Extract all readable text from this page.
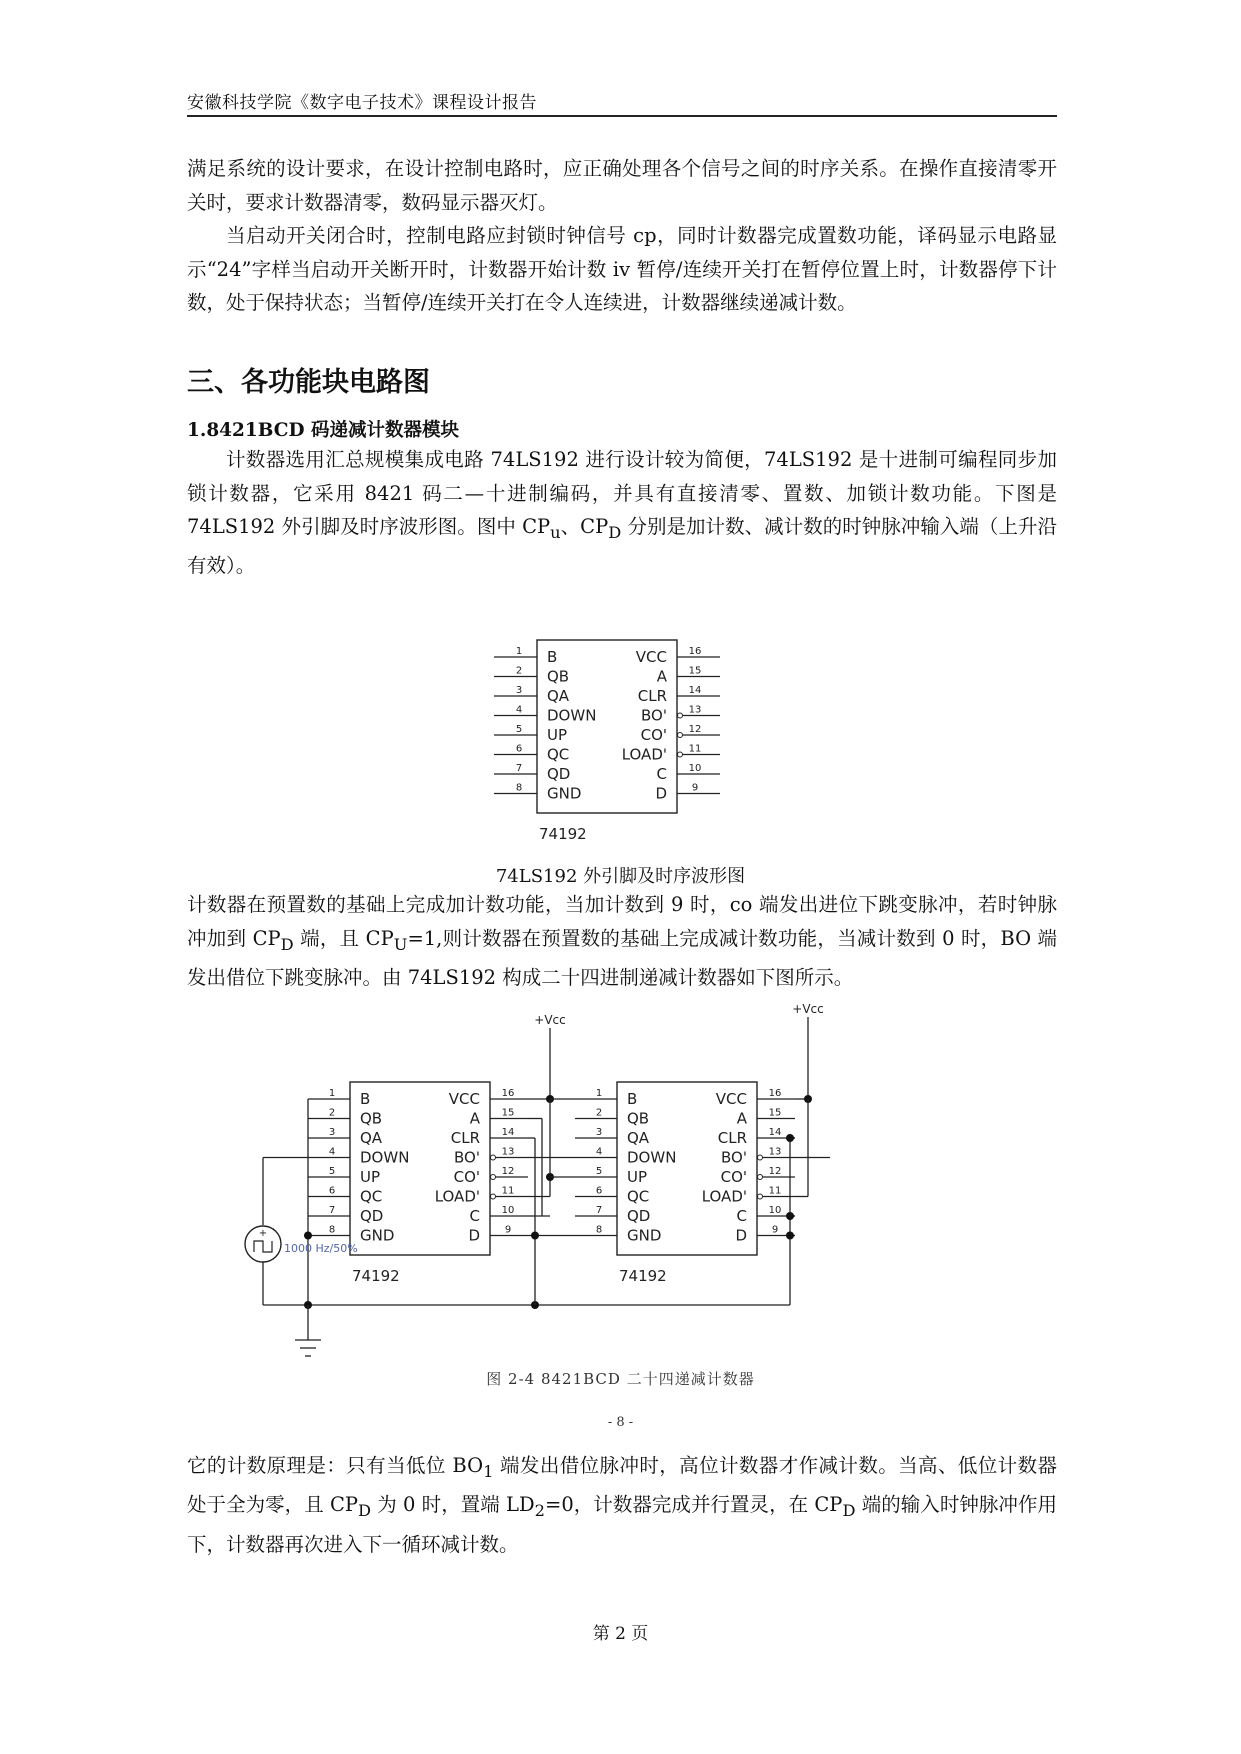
安徽科技学院《数字电子技术》课程设计报告

满足系统的设计要求，在设计控制电路时，应正确处理各个信号之间的时序关系。在操作直接清零开关时，要求计数器清零，数码显示器灭灯。

当启动开关闭合时，控制电路应封锁时钟信号 cp，同时计数器完成置数功能，译码显示电路显示“24”字样当启动开关断开时，计数器开始计数 iv 暂停/连续开关打在暂停位置上时，计数器停下计数，处于保持状态；当暂停/连续开关打在令人连续进，计数器继续递减计数。

三、各功能块电路图
1.8421BCD 码递减计数器模块

计数器选用汇总规模集成电路 74LS192 进行设计较为简便，74LS192 是十进制可编程同步加锁计数器，它采用 8421 码二—十进制编码，并具有直接清零、置数、加锁计数功能。下图是 74LS192 外引脚及时序波形图。图中 $CP_u$、$CP_D$ 分别是加计数、减计数的时钟脉冲输入端（上升沿有效）。

1 B
2 QB
3 QA
4 DOWN
5 UP
6 QC
7 QD
8 GND
16
VCC
15
A
14
CLR
13
BO'
12
CO'
11
LOAD'
10
C
9
D
74192
1 B
2 QB
3 QA
4 DOWN
5 UP
6 QC
7 QD
8 GND
16
VCC
15
A
14
CLR
13
BO'
12
CO'
11
LOAD'
10
C
9
D
74192
1 B
2 QB
3 QA
4 DOWN
5 UP
6 QC
7 QD
8 GND
16
VCC
15
A
14
CLR
13
BO'
12
CO'
11
LOAD'
10
C
9
D
74192
+Vcc
+Vcc
+
1000 Hz/50%
74LS192 外引脚及时序波形图

计数器在预置数的基础上完成加计数功能，当加计数到 9 时，co 端发出进位下跳变脉冲，若时钟脉冲加到 $CP_D$ 端，且 $CP_U=1$,则计数器在预置数的基础上完成减计数功能，当减计数到 0 时，BO 端发出借位下跳变脉冲。由 74LS192 构成二十四进制递减计数器如下图所示。

图 2-4 8421BCD 二十四递减计数器
- 8 -

它的计数原理是：只有当低位 $BO_1$ 端发出借位脉冲时，高位计数器才作减计数。当高、低位计数器处于全为零，且 $CP_D$ 为 0 时，置端 $LD_2=0$，计数器完成并行置灵，在 $CP_D$ 端的输入时钟脉冲作用下，计数器再次进入下一循环减计数。

第 2 页
